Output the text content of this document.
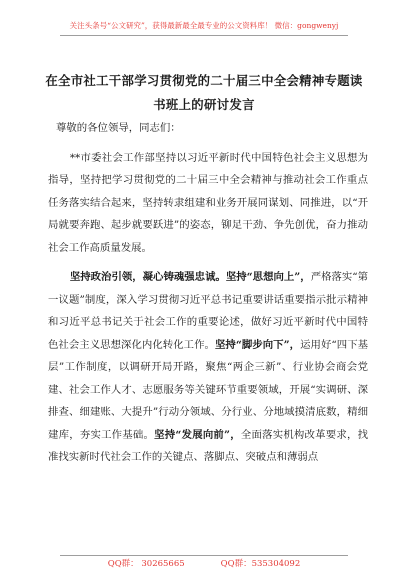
关注头条号“公文研究”，获得最新最全最专业的公文资料库！ 微信：gongwenyj
在全市社工干部学习贯彻党的二十届三中全会精神专题读
书班上的研讨发言

尊敬的各位领导，同志们：

**市委社会工作部坚持以习近平新时代中国特色社会主义思想为指导，坚持把学习贯彻党的二十届三中全会精神与推动社会工作重点任务落实结合起来，坚持转隶组建和业务开展同谋划、同推进，以“开局就要奔跑、起步就要跃进”的姿态，铆足干劲、争先创优，奋力推动社会工作高质量发展。

坚持政治引领，凝心铸魂强忠诚。坚持“思想向上”，严格落实“第一议题”制度，深入学习贯彻习近平总书记重要讲话重要指示批示精神和习近平总书记关于社会工作的重要论述，做好习近平新时代中国特色社会主义思想深化内化转化工作。坚持“脚步向下”，运用好“四下基层”工作制度，以调研开局开路，聚焦“两企三新”、行业协会商会党建、社会工作人才、志愿服务等关键环节重要领域，开展“实调研、深排查、细建账、大提升”行动分领域、分行业、分地域摸清底数，精细建库，夯实工作基础。坚持“发展向前”，全面落实机构改革要求，找准找实新时代社会工作的关键点、落脚点、突破点和薄弱点

QQ群： 30265665	QQ群：535304092
